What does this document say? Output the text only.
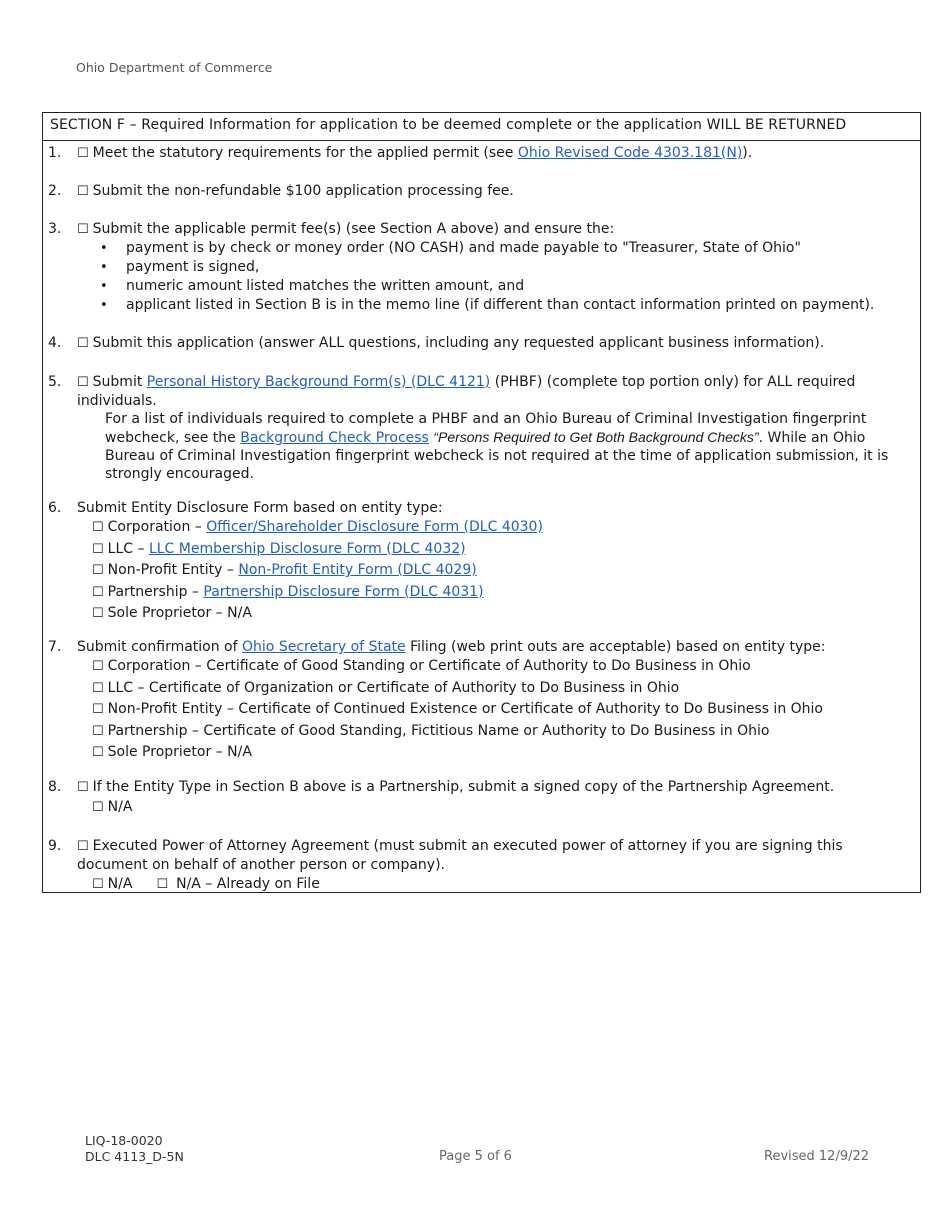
Ohio Department of Commerce
SECTION F – Required Information for application to be deemed complete or the application WILL BE RETURNED
1.	☐ Meet the statutory requirements for the applied permit (see Ohio Revised Code 4303.181(N)).
2.	☐ Submit the non-refundable $100 application processing fee.
3.	☐ Submit the applicable permit fee(s) (see Section A above) and ensure the:
• payment is by check or money order (NO CASH) and made payable to "Treasurer, State of Ohio"
• payment is signed,
• numeric amount listed matches the written amount, and
• applicant listed in Section B is in the memo line (if different than contact information printed on payment).
4.	☐ Submit this application (answer ALL questions, including any requested applicant business information).
5.	☐ Submit Personal History Background Form(s) (DLC 4121) (PHBF) (complete top portion only) for ALL required individuals.
For a list of individuals required to complete a PHBF and an Ohio Bureau of Criminal Investigation fingerprint webcheck, see the Background Check Process “Persons Required to Get Both Background Checks”. While an Ohio Bureau of Criminal Investigation fingerprint webcheck is not required at the time of application submission, it is strongly encouraged.
6.	Submit Entity Disclosure Form based on entity type:
☐ Corporation – Officer/Shareholder Disclosure Form (DLC 4030)
☐ LLC – LLC Membership Disclosure Form (DLC 4032)
☐ Non-Profit Entity – Non-Profit Entity Form (DLC 4029)
☐ Partnership – Partnership Disclosure Form (DLC 4031)
☐ Sole Proprietor – N/A
7.	Submit confirmation of Ohio Secretary of State Filing (web print outs are acceptable) based on entity type:
☐ Corporation – Certificate of Good Standing or Certificate of Authority to Do Business in Ohio
☐ LLC – Certificate of Organization or Certificate of Authority to Do Business in Ohio
☐ Non-Profit Entity – Certificate of Continued Existence or Certificate of Authority to Do Business in Ohio
☐ Partnership – Certificate of Good Standing, Fictitious Name or Authority to Do Business in Ohio
☐ Sole Proprietor – N/A
8.	☐ If the Entity Type in Section B above is a Partnership, submit a signed copy of the Partnership Agreement.
☐ N/A
9.	☐ Executed Power of Attorney Agreement (must submit an executed power of attorney if you are signing this document on behalf of another person or company).
☐ N/A ☐ N/A – Already on File
LIQ-18-0020
DLC 4113_D-5N	Page 5 of 6	Revised 12/9/22
